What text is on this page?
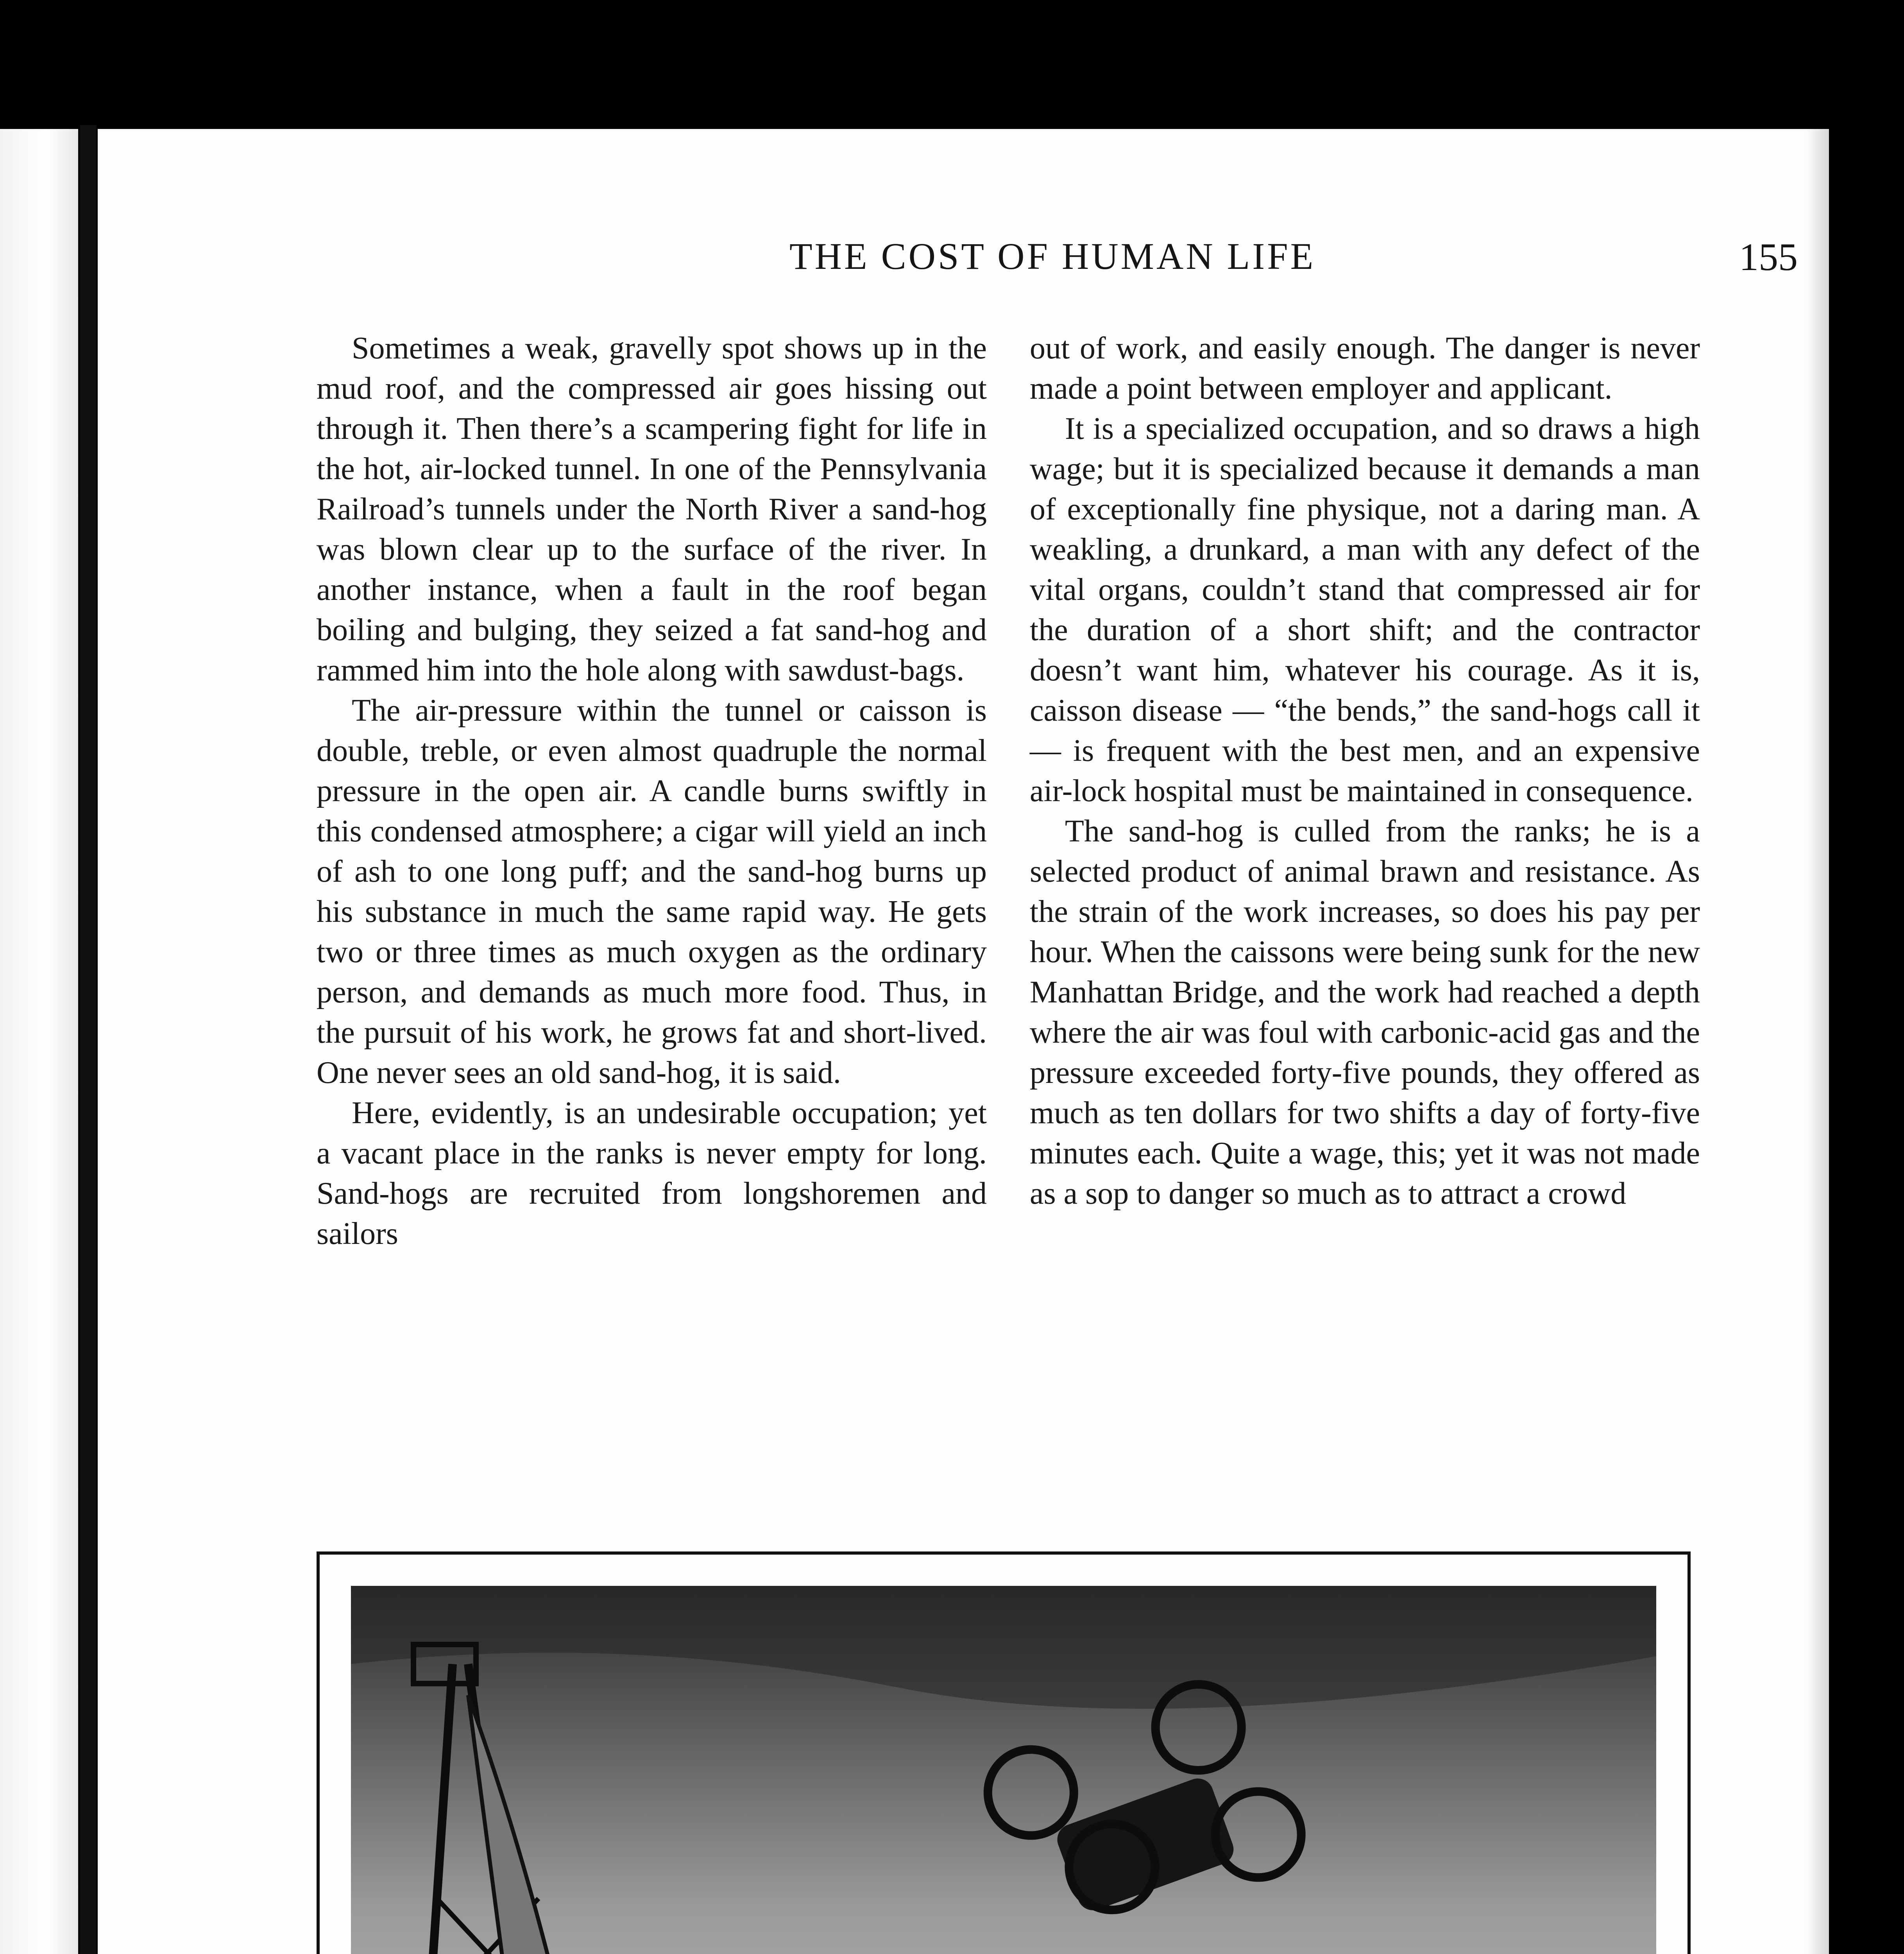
THE COST OF HUMAN LIFE	155

Sometimes a weak, gravelly spot shows up in the mud roof, and the compressed air goes hissing out through it. Then there’s a scampering fight for life in the hot, air-locked tunnel. In one of the Pennsylvania Railroad’s tunnels under the North River a sand-hog was blown clear up to the surface of the river. In another instance, when a fault in the roof began boiling and bulging, they seized a fat sand-hog and rammed him into the hole along with sawdust-bags.

The air-pressure within the tunnel or caisson is double, treble, or even almost quadruple the normal pressure in the open air. A candle burns swiftly in this condensed atmosphere; a cigar will yield an inch of ash to one long puff; and the sand-hog burns up his substance in much the same rapid way. He gets two or three times as much oxygen as the ordinary person, and demands as much more food. Thus, in the pursuit of his work, he grows fat and short-lived. One never sees an old sand-hog, it is said.

Here, evidently, is an undesirable occupation; yet a vacant place in the ranks is never empty for long. Sand-hogs are recruited from longshoremen and sailors

out of work, and easily enough. The danger is never made a point between employer and applicant.

It is a specialized occupation, and so draws a high wage; but it is specialized because it demands a man of exceptionally fine physique, not a daring man. A weakling, a drunkard, a man with any defect of the vital organs, couldn’t stand that compressed air for the duration of a short shift; and the contractor doesn’t want him, whatever his courage. As it is, caisson disease — “the bends,” the sand-hogs call it — is frequent with the best men, and an expensive air-lock hospital must be maintained in consequence.

The sand-hog is culled from the ranks; he is a selected product of animal brawn and resistance. As the strain of the work increases, so does his pay per hour. When the caissons were being sunk for the new Manhattan Bridge, and the work had reached a depth where the air was foul with carbonic-acid gas and the pressure exceeded forty-five pounds, they offered as much as ten dollars for two shifts a day of forty-five minutes each. Quite a wage, this; yet it was not made as a sop to danger so much as to attract a crowd
